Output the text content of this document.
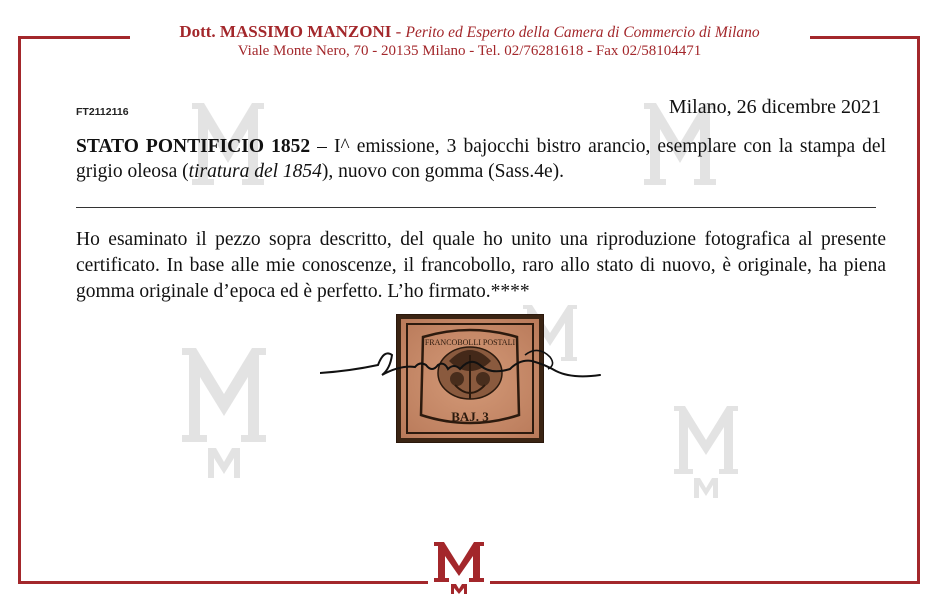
Dott. MASSIMO MANZONI - Perito ed Esperto della Camera di Commercio di Milano
Viale Monte Nero, 70 - 20135 Milano - Tel. 02/76281618 - Fax 02/58104471
FT2112116	Milano, 26 dicembre 2021
STATO PONTIFICIO 1852 – I^ emissione, 3 bajocchi bistro arancio, esemplare con la stampa del grigio oleosa (tiratura del 1854), nuovo con gomma (Sass.4e).
Ho esaminato il pezzo sopra descritto, del quale ho unito una riproduzione fotografica al presente certificato. In base alle mie conoscenze, il francobollo, raro allo stato di nuovo, è originale, ha piena gomma originale d’epoca ed è perfetto. L’ho firmato.****
FRANCOBOLLI POSTALI
BAJ. 3
